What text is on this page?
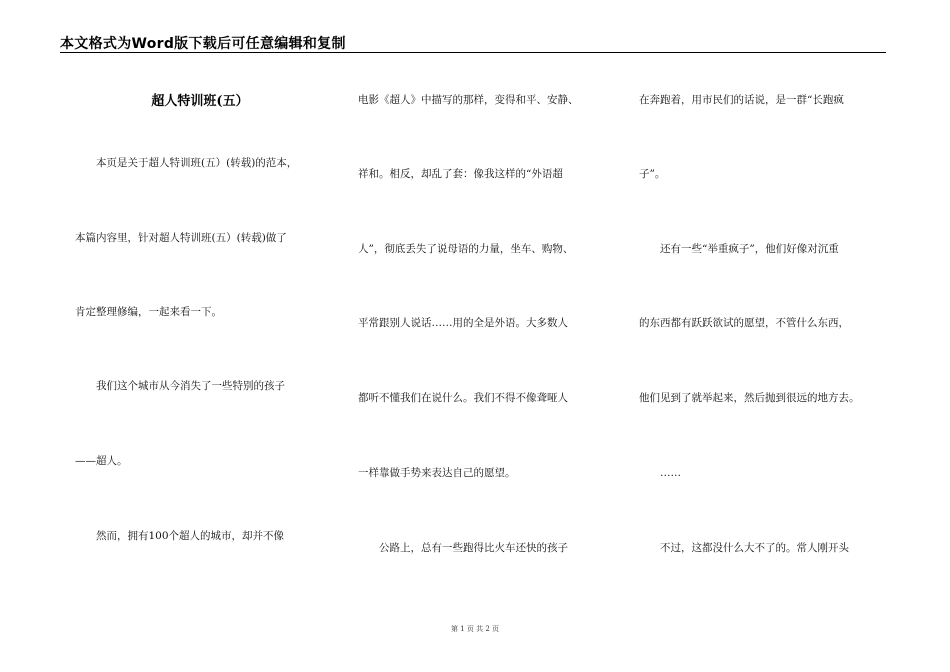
本文格式为Word版下载后可任意编辑和复制
超人特训班(五）
　　本页是关于超人特训班(五）(转载)的范本，
本篇内容里，针对超人特训班(五）(转载)做了
肯定整理修编，一起来看一下。
　　我们这个城市从今消失了一些特别的孩子
——超人。
　　然而，拥有100个超人的城市，却并不像
电影《超人》中描写的那样，变得和平、安静、
祥和。相反，却乱了套：像我这样的“外语超
人”，彻底丢失了说母语的力量，坐车、购物、
平常跟别人说话……用的全是外语。大多数人
都听不懂我们在说什么。我们不得不像聋哑人
一样靠做手势来表达自己的愿望。
　　公路上，总有一些跑得比火车还快的孩子
在奔跑着，用市民们的话说，是一群“长跑疯
子”。
　　还有一些“举重疯子”，他们好像对沉重
的东西都有跃跃欲试的愿望，不管什么东西，
他们见到了就举起来，然后抛到很远的地方去。
　　……
　　不过，这都没什么大不了的。常人刚开头
第 1 页 共 2 页
